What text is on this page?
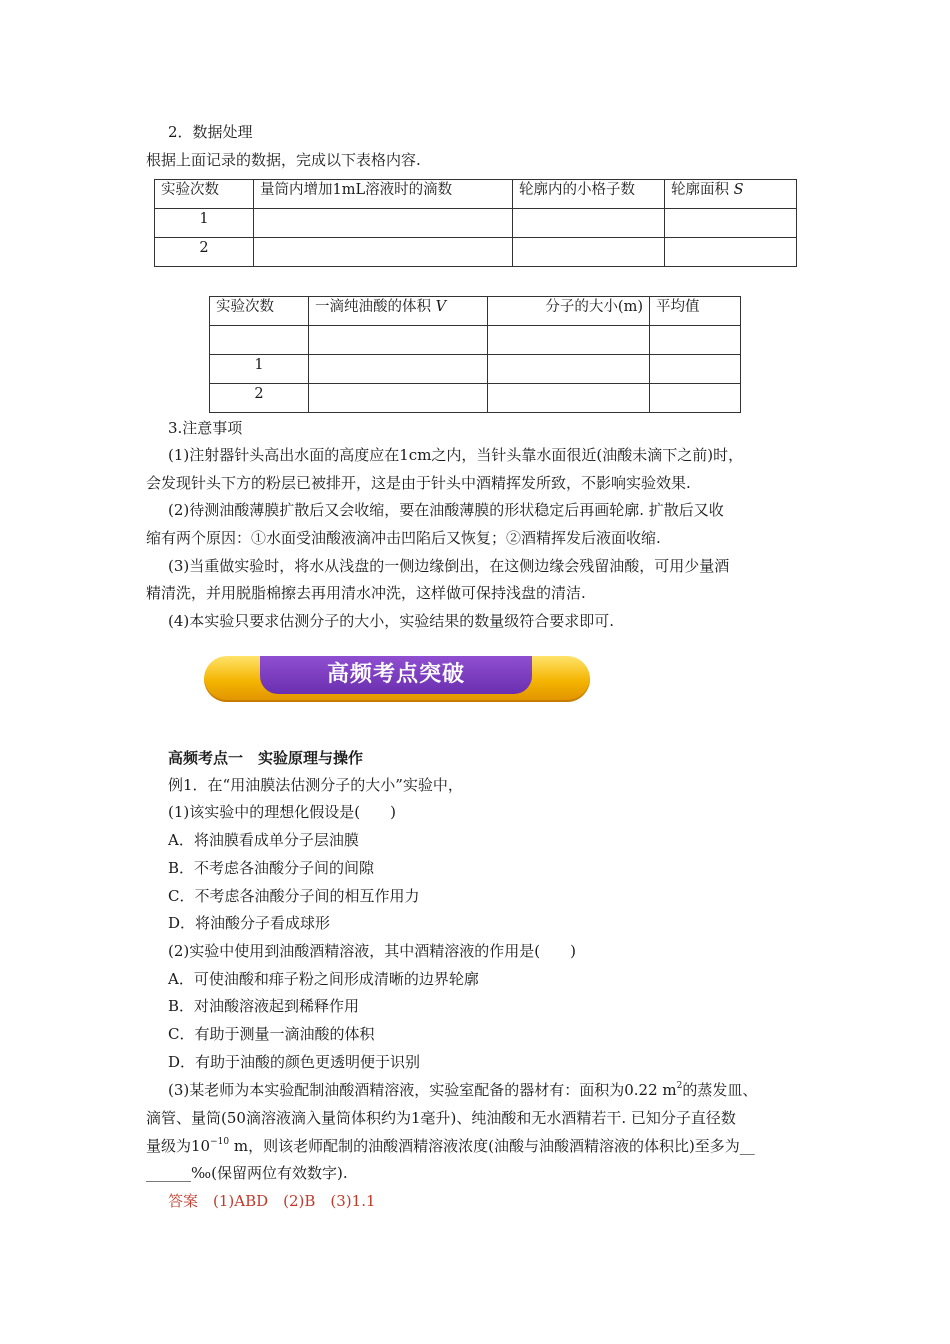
2．数据处理
根据上面记录的数据，完成以下表格内容.
实验次数	量筒内增加1mL溶液时的滴数	轮廓内的小格子数	轮廓面积 S
1			
2			
实验次数	一滴纯油酸的体积 V	分子的大小(m)	平均值

1			
2			
3.注意事项
(1)注射器针头高出水面的高度应在1cm之内，当针头靠水面很近(油酸未滴下之前)时，
会发现针头下方的粉层已被排开，这是由于针头中酒精挥发所致，不影响实验效果.
(2)待测油酸薄膜扩散后又会收缩，要在油酸薄膜的形状稳定后再画轮廓. 扩散后又收
缩有两个原因：①水面受油酸液滴冲击凹陷后又恢复；②酒精挥发后液面收缩.
(3)当重做实验时，将水从浅盘的一侧边缘倒出，在这侧边缘会残留油酸，可用少量酒
精清洗，并用脱脂棉擦去再用清水冲洗，这样做可保持浅盘的清洁.
(4)本实验只要求估测分子的大小，实验结果的数量级符合要求即可.
高频考点突破
高频考点一　实验原理与操作
例1．在“用油膜法估测分子的大小”实验中，
(1)该实验中的理想化假设是(　　)
A．将油膜看成单分子层油膜
B．不考虑各油酸分子间的间隙
C．不考虑各油酸分子间的相互作用力
D．将油酸分子看成球形
(2)实验中使用到油酸酒精溶液，其中酒精溶液的作用是(　　)
A．可使油酸和痱子粉之间形成清晰的边界轮廓
B．对油酸溶液起到稀释作用
C．有助于测量一滴油酸的体积
D．有助于油酸的颜色更透明便于识别
(3)某老师为本实验配制油酸酒精溶液，实验室配备的器材有：面积为0.22 $m^2$的蒸发皿、
滴管、量筒(50滴溶液滴入量筒体积约为1毫升)、纯油酸和无水酒精若干. 已知分子直径数
量级为$10^{-10}$ m，则该老师配制的油酸酒精溶液浓度(油酸与油酸酒精溶液的体积比)至多为__
______‰(保留两位有效数字).
答案　(1)ABD　(2)B　(3)1.1
